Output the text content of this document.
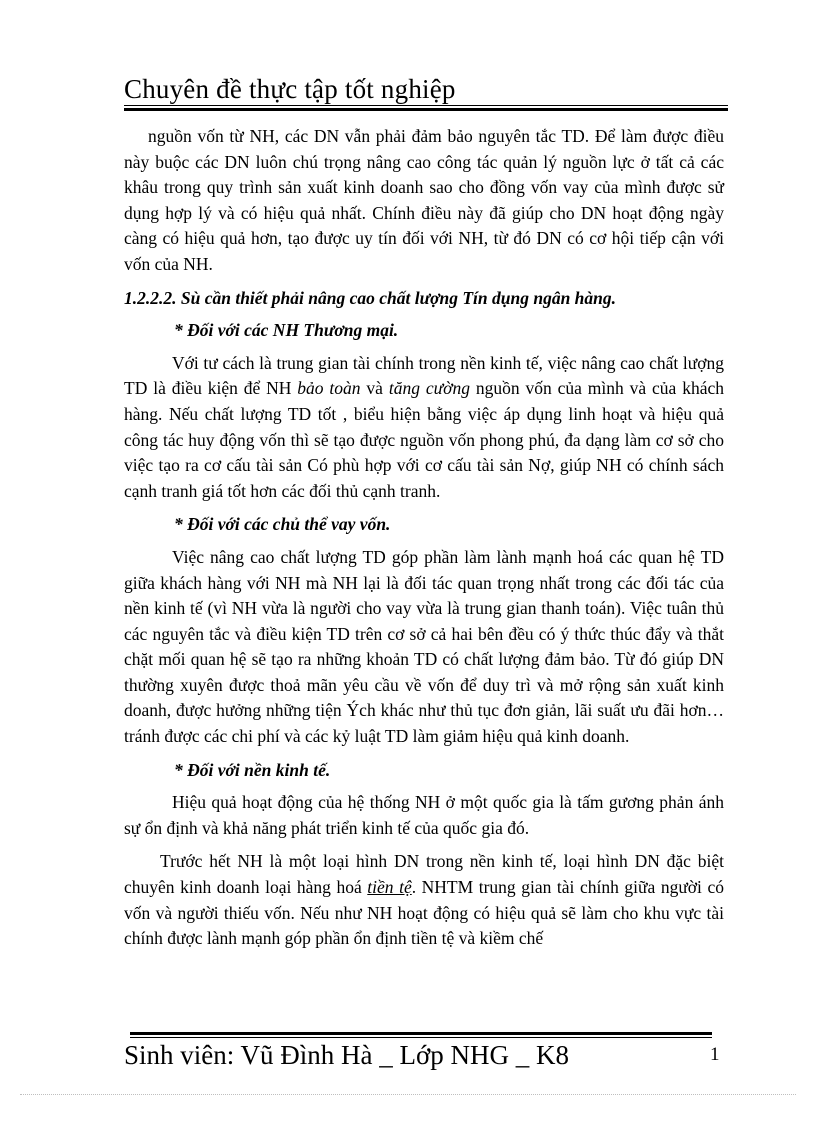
Chuyên đề thực tập tốt nghiệp

nguồn vốn từ NH, các DN vẫn phải đảm bảo nguyên tắc TD. Để làm được điều này buộc các DN luôn chú trọng nâng cao công tác quản lý nguồn lực ở tất cả các khâu trong quy trình sản xuất kinh doanh sao cho đồng vốn vay của mình được sử dụng hợp lý và có hiệu quả nhất. Chính điều này đã giúp cho DN hoạt động ngày càng có hiệu quả hơn, tạo được uy tín đối với NH, từ đó DN có cơ hội tiếp cận với vốn của NH.

1.2.2.2. Sù cần thiết phải nâng cao chất lượng Tín dụng ngân hàng.

* Đối với các NH Thương mại.

Với tư cách là trung gian tài chính trong nền kinh tế, việc nâng cao chất lượng TD là điều kiện để NH bảo toàn và tăng cường nguồn vốn của mình và của khách hàng. Nếu chất lượng TD tốt , biểu hiện bằng việc áp dụng linh hoạt và hiệu quả công tác huy động vốn thì sẽ tạo được nguồn vốn phong phú, đa dạng làm cơ sở cho việc tạo ra cơ cấu tài sản Có phù hợp với cơ cấu tài sản Nợ, giúp NH có chính sách cạnh tranh giá tốt hơn các đối thủ cạnh tranh.

* Đối với các chủ thể vay vốn.

Việc nâng cao chất lượng TD góp phần làm lành mạnh hoá các quan hệ TD giữa khách hàng với NH mà NH lại là đối tác quan trọng nhất trong các đối tác của nền kinh tế (vì NH vừa là người cho vay vừa là trung gian thanh toán). Việc tuân thủ các nguyên tắc và điều kiện TD trên cơ sở cả hai bên đều có ý thức thúc đẩy và thắt chặt mối quan hệ sẽ tạo ra những khoản TD có chất lượng đảm bảo. Từ đó giúp DN thường xuyên được thoả mãn yêu cầu về vốn để duy trì và mở rộng sản xuất kinh doanh, được hưởng những tiện Ých khác như thủ tục đơn giản, lãi suất ưu đãi hơn… tránh được các chi phí và các kỷ luật TD làm giảm hiệu quả kinh doanh.

* Đối với nền kinh tế.

Hiệu quả hoạt động của hệ thống NH ở một quốc gia là tấm gương phản ánh sự ổn định và khả năng phát triển kinh tế của quốc gia đó.

Trước hết NH là một loại hình DN trong nền kinh tế, loại hình DN đặc biệt chuyên kinh doanh loại hàng hoá tiền tệ. NHTM trung gian tài chính giữa người có vốn và người thiếu vốn. Nếu như NH hoạt động có hiệu quả sẽ làm cho khu vực tài chính được lành mạnh góp phần ổn định tiền tệ và kiềm chế

Sinh viên: Vũ Đình Hà _ Lớp NHG _ K8	1
